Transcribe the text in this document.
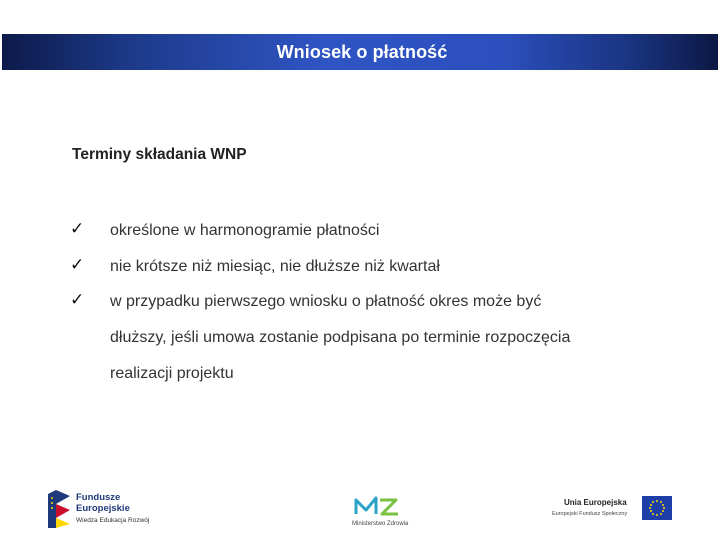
Wniosek o płatność
Terminy składania WNP
✓ określone w harmonogramie płatności
✓ nie krótsze niż miesiąc, nie dłuższe niż kwartał
✓ w przypadku pierwszego wniosku o płatność okres może być
dłuższy, jeśli umowa zostanie podpisana po terminie rozpoczęcia
realizacji projektu
Fundusze
Europejskie
Wiedza Edukacja Rozwój	Ministerstwo Zdrowia
Unia Europejska
Europejski Fundusz Społeczny
